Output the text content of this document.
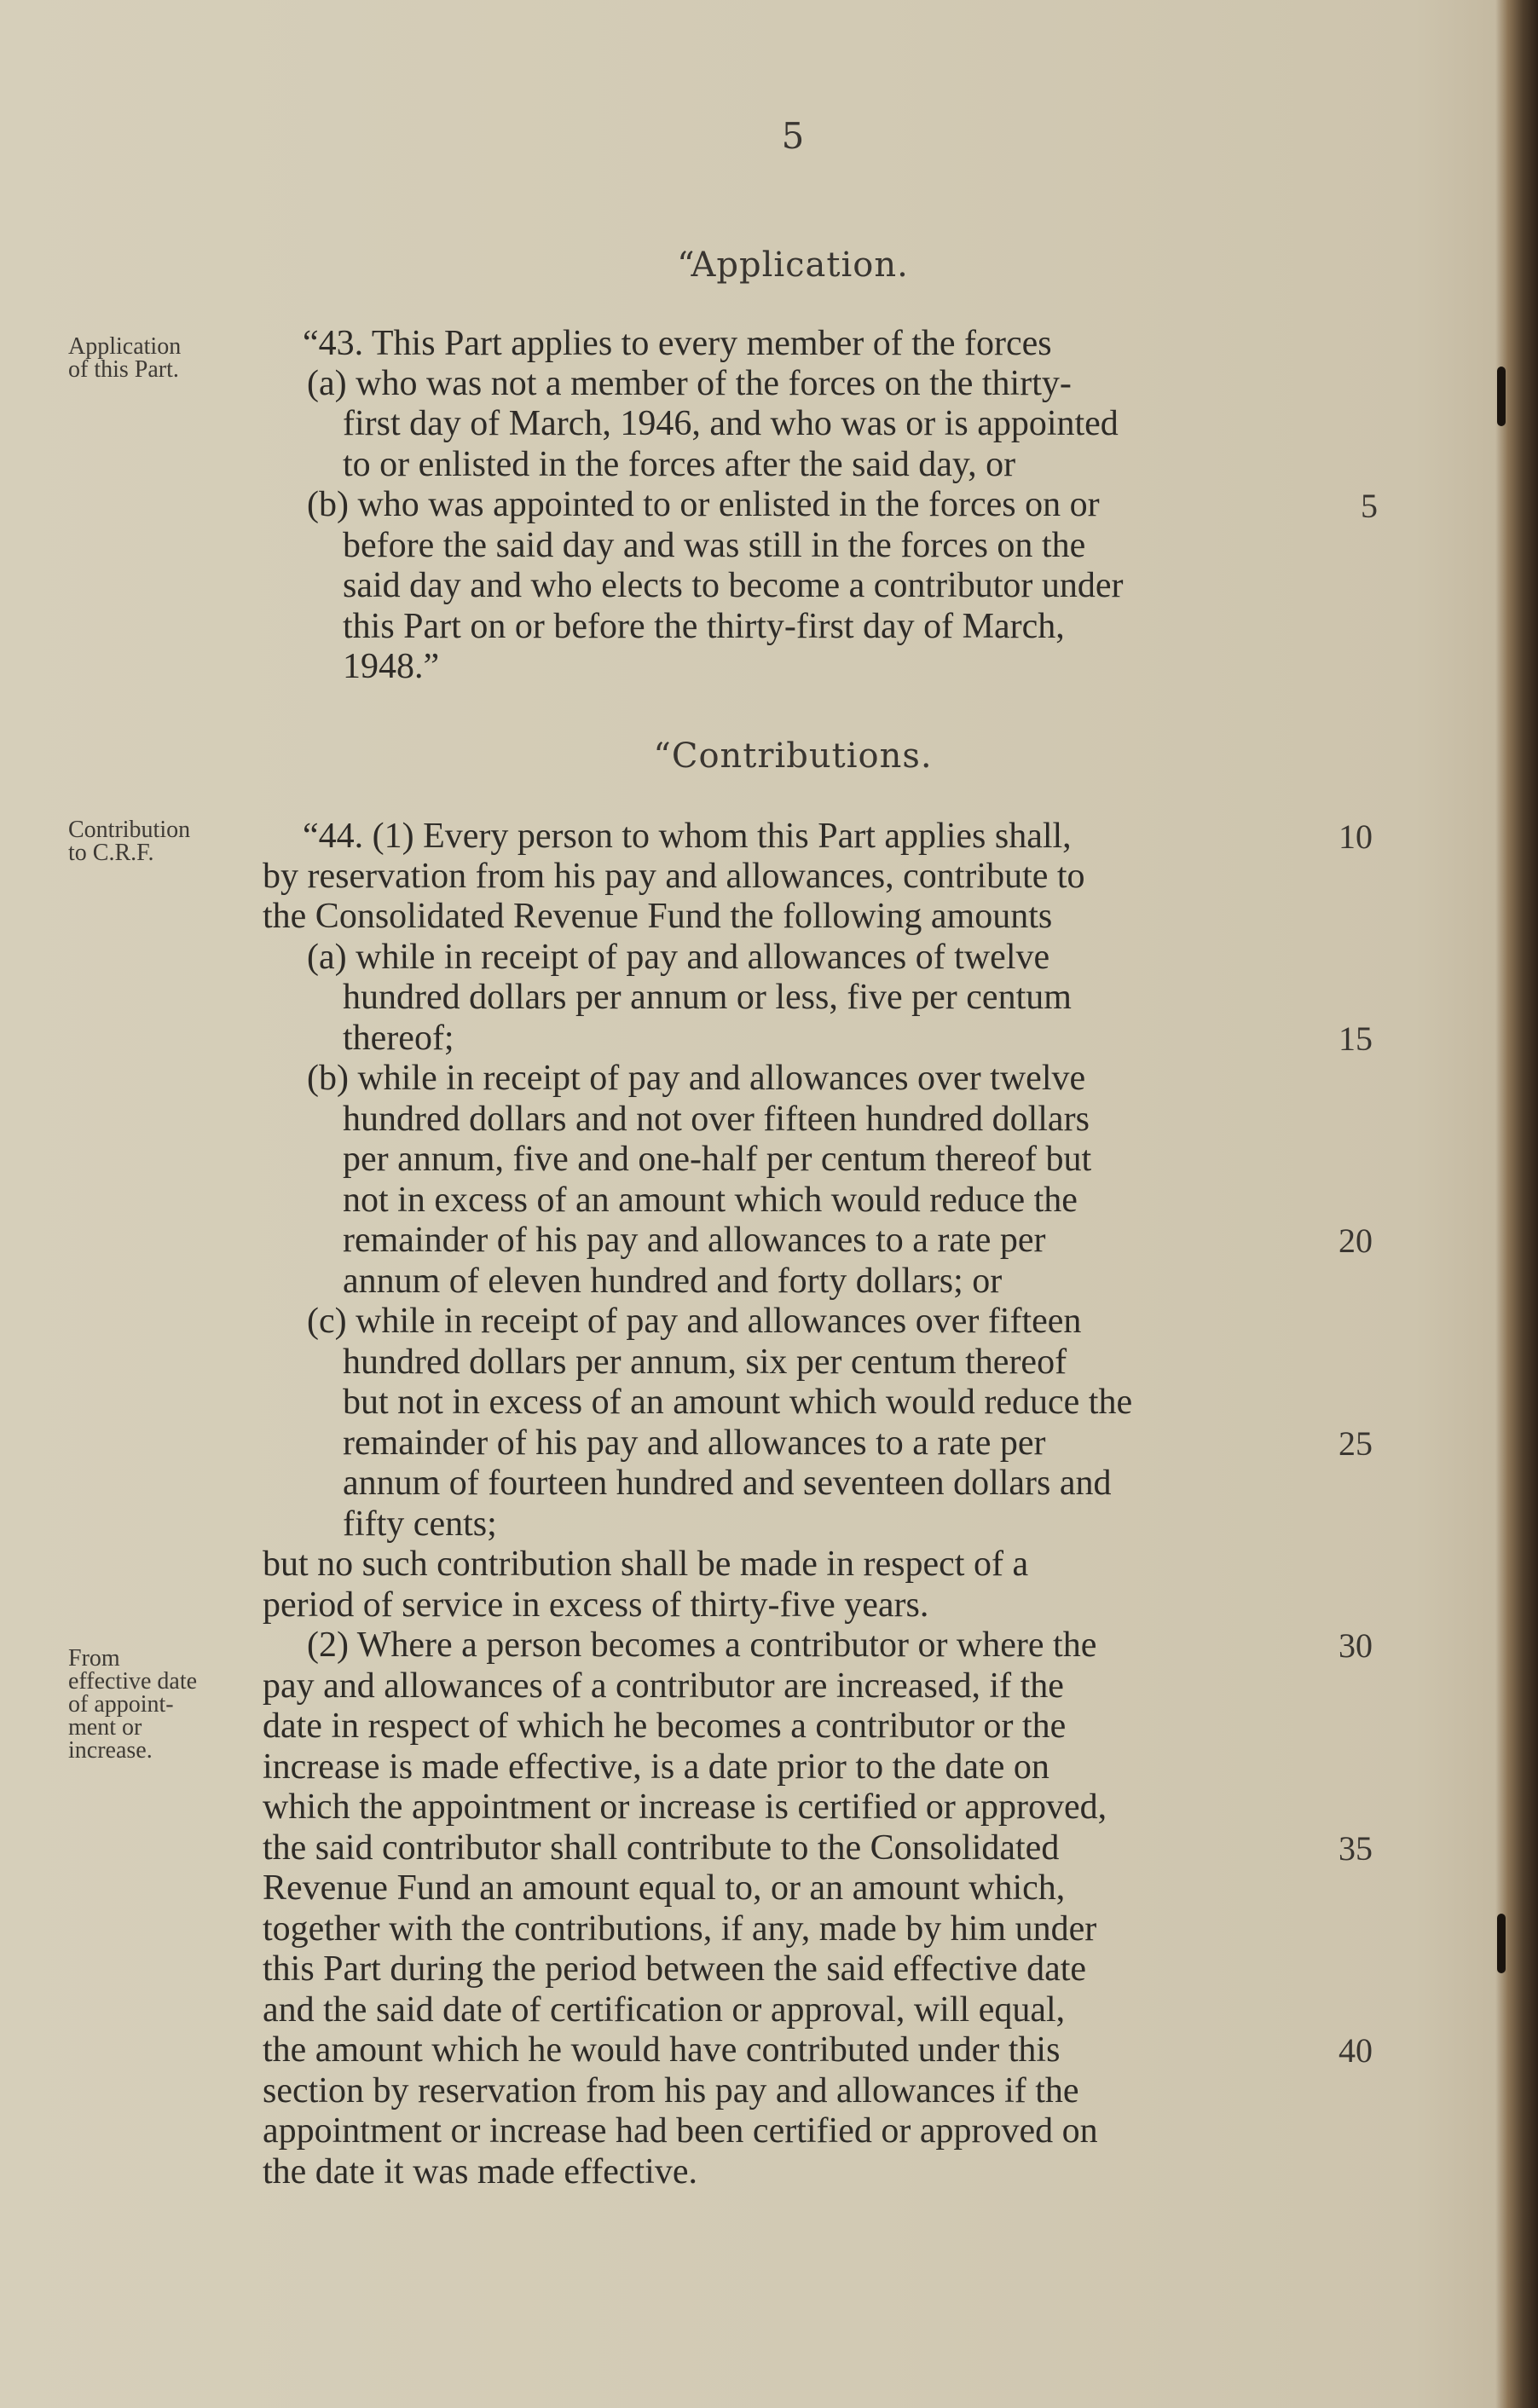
5
“Application.
“Contributions.
Application
of this Part.
Contribution
to C.R.F.
From
effective date
of appoint-
ment or
increase.
“43. This Part applies to every member of the forces
(a) who was not a member of the forces on the thirty-
first day of March, 1946, and who was or is appointed
to or enlisted in the forces after the said day, or
(b) who was appointed to or enlisted in the forces on or
before the said day and was still in the forces on the
said day and who elects to become a contributor under
this Part on or before the thirty-first day of March,
1948.”
“44. (1) Every person to whom this Part applies shall,
by reservation from his pay and allowances, contribute to
the Consolidated Revenue Fund the following amounts
(a) while in receipt of pay and allowances of twelve
hundred dollars per annum or less, five per centum
thereof;
(b) while in receipt of pay and allowances over twelve
hundred dollars and not over fifteen hundred dollars
per annum, five and one-half per centum thereof but
not in excess of an amount which would reduce the
remainder of his pay and allowances to a rate per
annum of eleven hundred and forty dollars; or
(c) while in receipt of pay and allowances over fifteen
hundred dollars per annum, six per centum thereof
but not in excess of an amount which would reduce the
remainder of his pay and allowances to a rate per
annum of fourteen hundred and seventeen dollars and
fifty cents;
but no such contribution shall be made in respect of a
period of service in excess of thirty-five years.
(2) Where a person becomes a contributor or where the
pay and allowances of a contributor are increased, if the
date in respect of which he becomes a contributor or the
increase is made effective, is a date prior to the date on
which the appointment or increase is certified or approved,
the said contributor shall contribute to the Consolidated
Revenue Fund an amount equal to, or an amount which,
together with the contributions, if any, made by him under
this Part during the period between the said effective date
and the said date of certification or approval, will equal,
the amount which he would have contributed under this
section by reservation from his pay and allowances if the
appointment or increase had been certified or approved on
the date it was made effective.
5
10
15
20
25
30
35
40
